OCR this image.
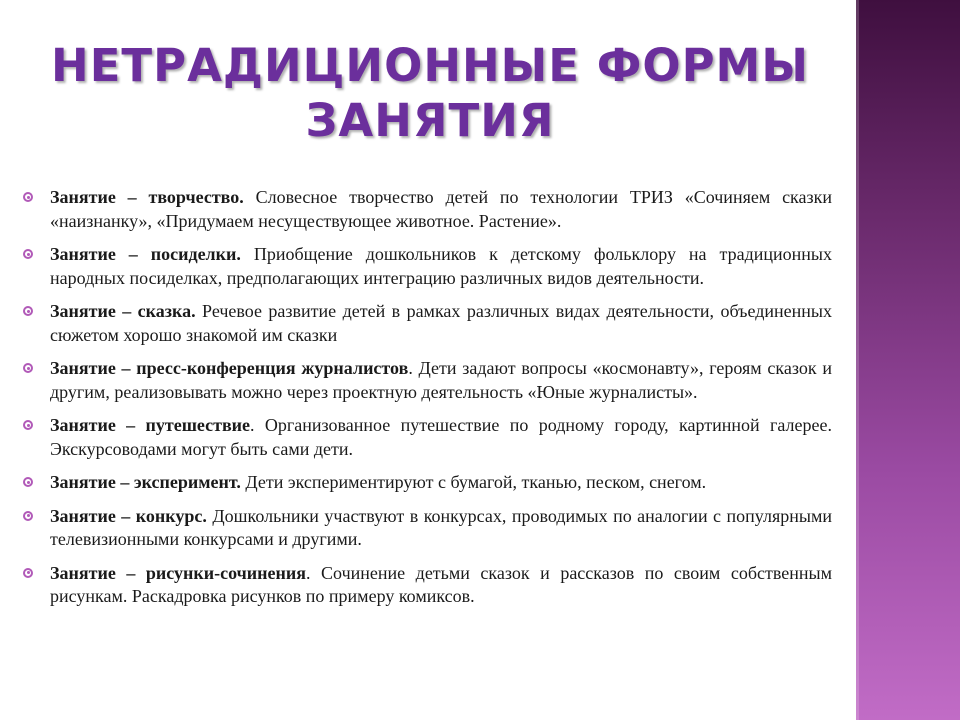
НЕТРАДИЦИОННЫЕ ФОРМЫ
ЗАНЯТИЯ
Занятие – творчество. Словесное творчество детей по технологии ТРИЗ «Сочиняем сказки «наизнанку», «Придумаем несуществующее животное. Растение».
Занятие – посиделки. Приобщение дошкольников к детскому фольклору на традиционных народных посиделках, предполагающих интеграцию различных видов деятельности.
Занятие – сказка. Речевое развитие детей в рамках различных видах деятельности, объединенных сюжетом хорошо знакомой им сказки
Занятие – пресс-конференция журналистов. Дети задают вопросы «космонавту», героям сказок и другим, реализовывать можно через проектную деятельность «Юные журналисты».
Занятие – путешествие. Организованное путешествие по родному городу, картинной галерее. Экскурсоводами могут быть сами дети.
Занятие – эксперимент. Дети экспериментируют с бумагой, тканью, песком, снегом.
Занятие – конкурс. Дошкольники участвуют в конкурсах, проводимых по аналогии с популярными телевизионными конкурсами и другими.
Занятие – рисунки-сочинения. Сочинение детьми сказок и рассказов по своим собственным рисункам. Раскадровка рисунков по примеру комиксов.
